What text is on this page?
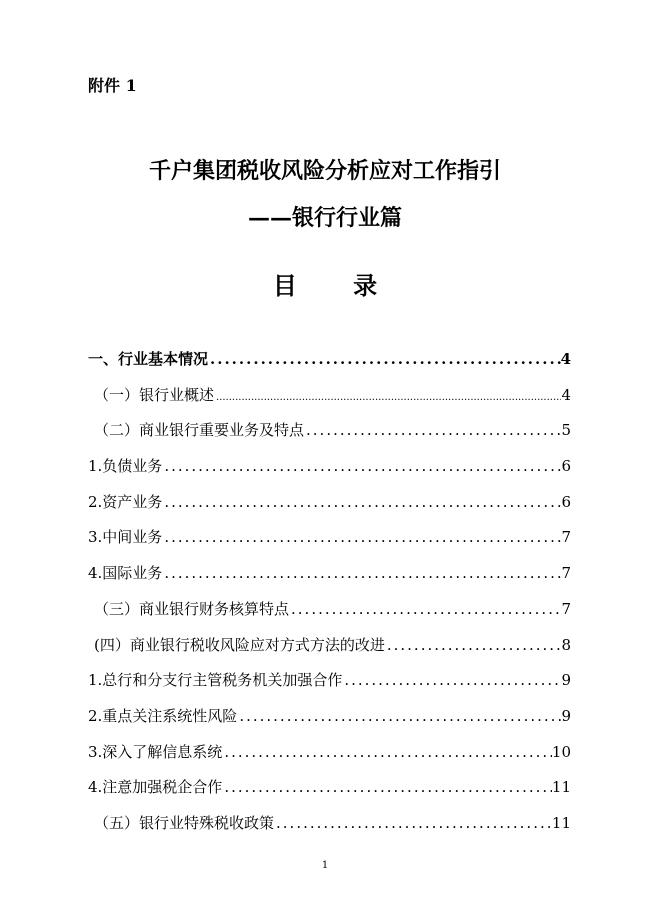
附件 1
千户集团税收风险分析应对工作指引
——银行行业篇
目 录
一、行业基本情况 .....	4
（一）银行业概述 .....	4
（二）商业银行重要业务及特点 .....	5
1.负债业务 .....	6
2.资产业务 .....	6
3.中间业务 .....	7
4.国际业务 .....	7
（三）商业银行财务核算特点 .....	7
(四）商业银行税收风险应对方式方法的改进 .....	8
1.总行和分支行主管税务机关加强合作 .....	9
2.重点关注系统性风险 .....	9
3.深入了解信息系统 .....	10
4.注意加强税企合作 .....	11
（五）银行业特殊税收政策 .....	11
1
